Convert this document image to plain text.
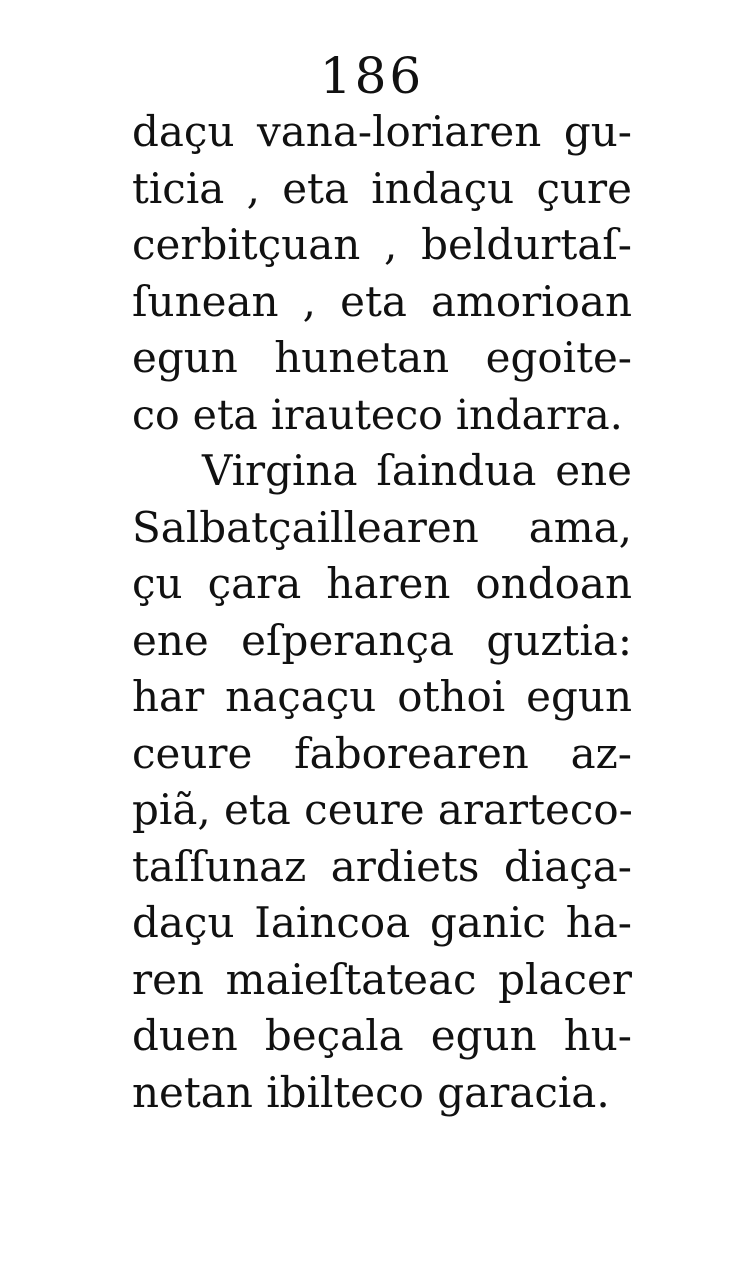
186
daçu vana-loriaren gu-
ticia , eta indaçu çure
cerbitçuan , beldurtaſ-
ſunean , eta amorioan
egun hunetan egoite-
co eta irauteco indarra.
Virgina ſaindua ene
Salbatçaillearen ama,
çu çara haren ondoan
ene eſperança guztia:
har naçaçu othoi egun
ceure faborearen az-
piã, eta ceure ararteco-
taſſunaz ardiets diaça-
daçu Iaincoa ganic ha-
ren maieſtateac placer
duen beçala egun hu-
netan ibilteco garacia.
